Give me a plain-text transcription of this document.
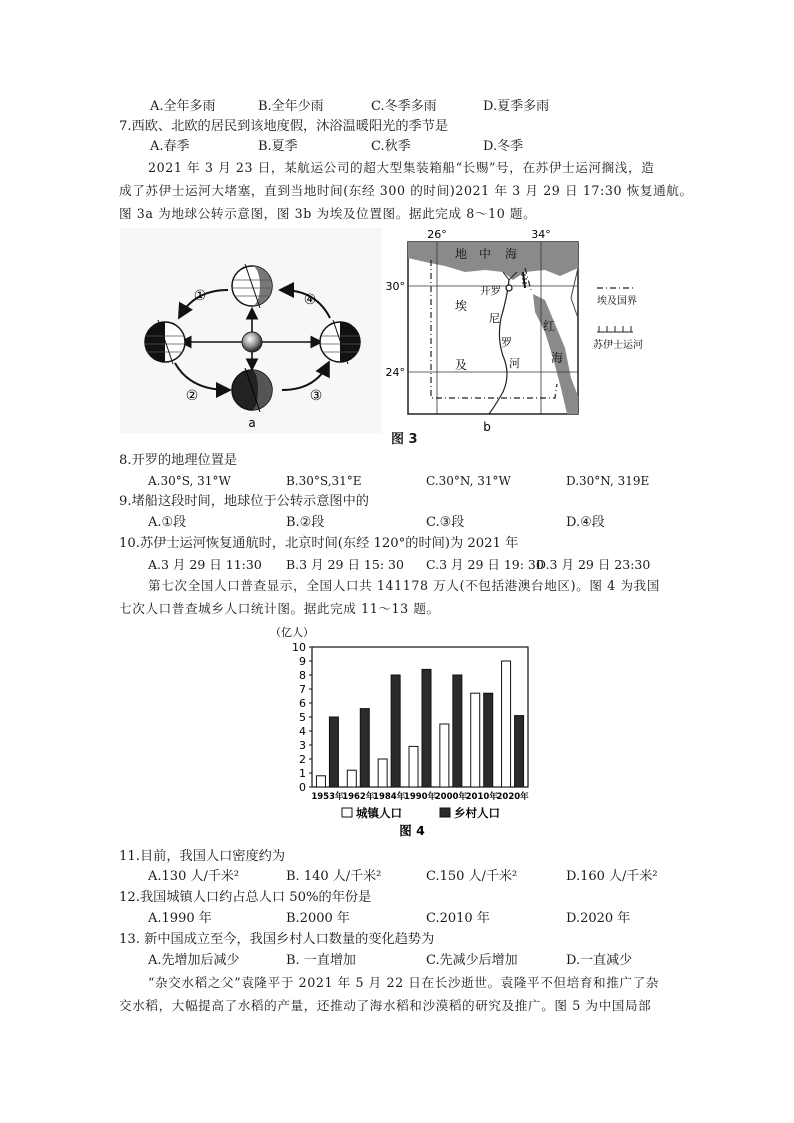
A.全年多雨	B.全年少雨	C.冬季多雨	D.夏季多雨
7.西欧、北欧的居民到该地度假，沐浴温暖阳光的季节是
A.春季	B.夏季	C.秋季	D.冬季
2021 年 3 月 23 日，某航运公司的超大型集装箱船“长赐”号，在苏伊士运河搁浅，造
成了苏伊士运河大堵塞，直到当地时间(东经 300 的时间)2021 年 3 月 29 日 17:30 恢复通航。
图 3a 为地球公转示意图，图 3b 为埃及位置图。据此完成 8～10 题。
①
②	③
④
a
26°	34°
30°
24°
地 中 海
红
海
开罗
埃
及
尼
罗
河
埃及国界
苏伊士运河
b
图 3
8.开罗的地理位置是
A.30°S, 31°W	B.30°S,31°E	C.30°N, 31°W	D.30°N, 319E
9.堵船这段时间，地球位于公转示意图中的
A.①段	B.②段	C.③段	D.④段
10.苏伊士运河恢复通航时，北京时间(东经 120°的时间)为 2021 年
A.3 月 29 日 11:30 B.3 月 29 日 15: 30 C.3 月 29 日 19: 30
D.3 月 29 日 23:30
第七次全国人口普查显示，全国人口共 141178 万人(不包括港澳台地区)。图 4 为我国
七次人口普查城乡人口统计图。据此完成 11～13 题。
（亿人）
0
1
2
3
4
5
6
7
8
9
10
1953年
1962年
1984年
1990年
2000年
2010年
2020年
城镇人口	乡村人口
图 4
11.目前，我国人口密度约为
A.130 人/千米²	B. 140 人/千米²	C.150 人/千米²	D.160 人/千米²
12.我国城镇人口约占总人口 50%的年份是
A.1990 年	B.2000 年	C.2010 年	D.2020 年
13. 新中国成立至今，我国乡村人口数量的变化趋势为
A.先增加后减少	B. 一直增加	C.先减少后增加	D.一直减少
“杂交水稻之父”袁隆平于 2021 年 5 月 22 日在长沙逝世。袁隆平不但培育和推广了杂
交水稻，大幅提高了水稻的产量，还推动了海水稻和沙漠稻的研究及推广。图 5 为中国局部
